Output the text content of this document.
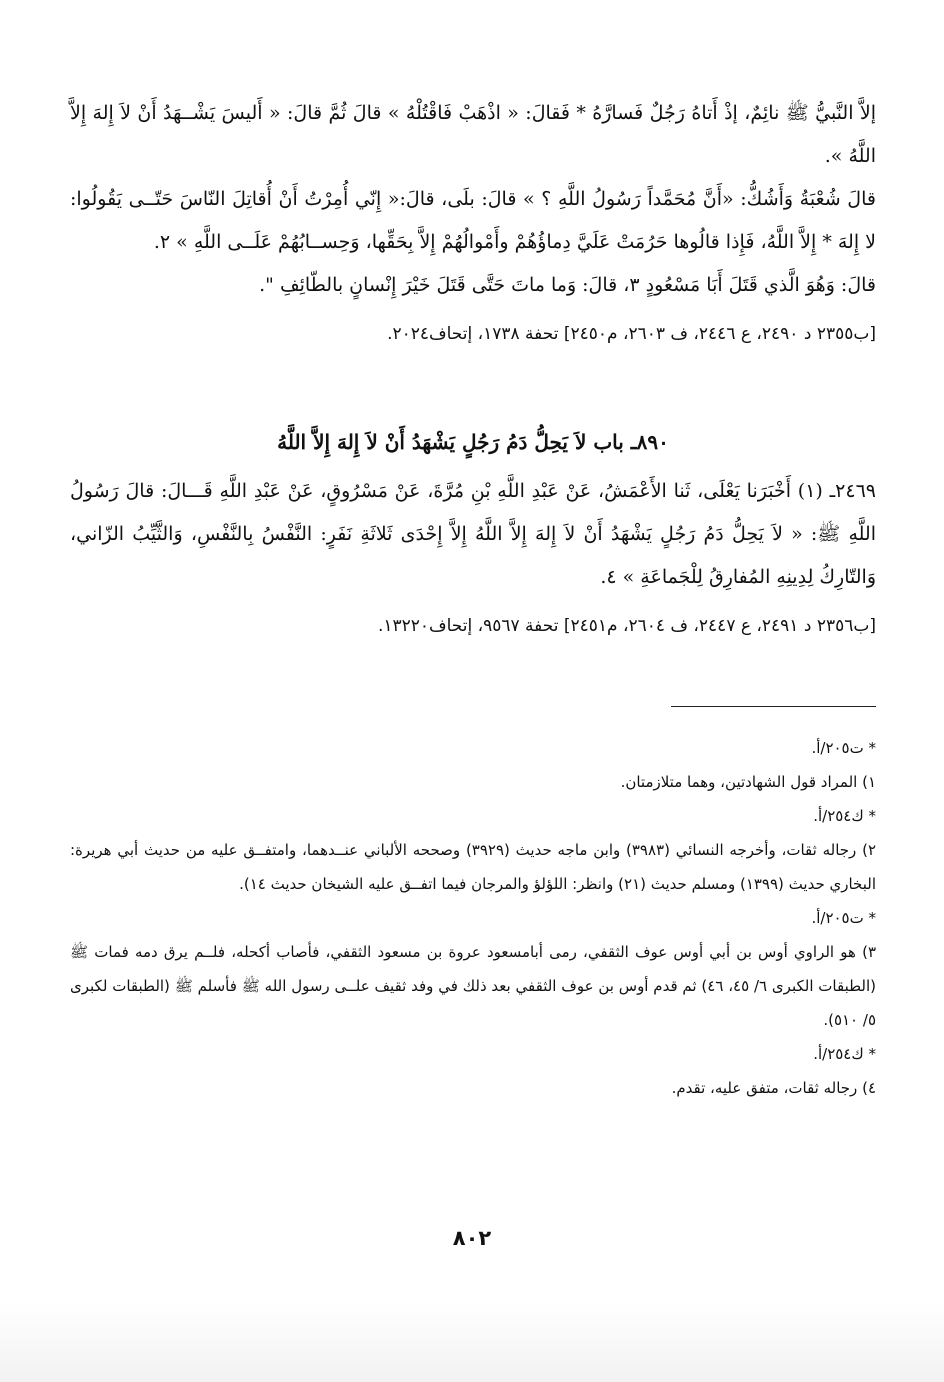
إلاَّ النَّبيُّ ﷺ نائِمٌ، إذْ أَتاهُ رَجُلٌ فَسارَّهُ * فَقالَ: « اذْهَبْ فَاقْتُلْهُ » قالَ ثُمَّ قالَ: « أَليسَ يَشْــهَدُ أَنْ لاَ إِلهَ إِلاَّ اللَّهُ ».

قالَ شُعْبَةُ وَأَشُكُّ: «أَنَّ مُحَمَّداً رَسُولُ اللَّهِ ؟ » قالَ: بلَى، قالَ:« إِنّي أُمِرْتُ أَنْ أُقاتِلَ النّاسَ حَتّــى يَقُولُوا: لا إِلهَ * إِلاَّ اللَّهُ، فَإِذا قالُوها حَرُمَتْ عَلَيَّ دِماؤُهُمْ وأَمْوالُهُمْ إِلاَّ بِحَقِّها، وَحِســابُهُمْ عَلَــى اللَّهِ » ٢.

قالَ: وَهُوَ الَّذي قَتَلَ أَبَا مَسْعُودٍ ٣، قالَ: وَما ماتَ حَتَّى قَتَلَ خَيْرَ إِنْسانٍ بالطّائِفِ ".

[ب٢٣٥٥ د ٢٤٩٠، ع ٢٤٤٦، ف ٢٦٠٣، م٢٤٥٠] تحفة ١٧٣٨، إتحاف٢٠٢٤.

٨٩٠ـ باب لاَ يَحِلُّ دَمُ رَجُلٍ يَشْهَدُ أَنْ لاَ إِلهَ إِلاَّ اللَّهُ

٢٤٦٩ـ (١) أَخْبَرَنا يَعْلَى، ثَنا الأَعْمَشُ، عَنْ عَبْدِ اللَّهِ بْنِ مُرَّةَ، عَنْ مَسْرُوقٍ، عَنْ عَبْدِ اللَّهِ قَـــالَ: قالَ رَسُولُ اللَّهِ ﷺ: « لاَ يَحِلُّ دَمُ رَجُلٍ يَشْهَدُ أَنْ لاَ إِلهَ إِلاَّ اللَّهُ إِلاَّ إِحْدَى ثَلاثَةِ نَفَرٍ: النَّفْسُ بِالنَّفْسِ، وَالثَّيِّبُ الزّاني، وَالتّارِكُ لِدِينِهِ المُفارِقُ لِلْجَماعَةِ » ٤.

[ب٢٣٥٦ د ٢٤٩١، ع ٢٤٤٧، ف ٢٦٠٤، م٢٤٥١] تحفة ٩٥٦٧، إتحاف١٣٢٢٠.

* ت٢٠٥/أ.

١) المراد قول الشهادتين، وهما متلازمتان.

* ك٢٥٤/أ.

٢) رجاله ثقات، وأخرجه النسائي (٣٩٨٣) وابن ماجه حديث (٣٩٢٩) وصححه الألباني عنــدهما، وامتفــق عليه من حديث أبي هريرة: البخاري حديث (١٣٩٩) ومسلم حديث (٢١) وانظر: اللؤلؤ والمرجان فيما اتفــق عليه الشيخان حديث ١٤).

* ت٢٠٥/أ.

٣) هو الراوي أوس بن أبي أوس عوف الثقفي، رمى أبامسعود عروة بن مسعود الثقفي، فأصاب أكحله، فلــم يرق دمه فمات ﷺ (الطبقات الكبرى ٦/ ٤٥، ٤٦) ثم قدم أوس بن عوف الثقفي بعد ذلك في وفد ثقيف علــى رسول الله ﷺ فأسلم ﷺ (الطبقات لكبرى ٥/ ٥١٠).

* ك٢٥٤/أ.

٤) رجاله ثقات، متفق عليه، تقدم.

٨٠٢
